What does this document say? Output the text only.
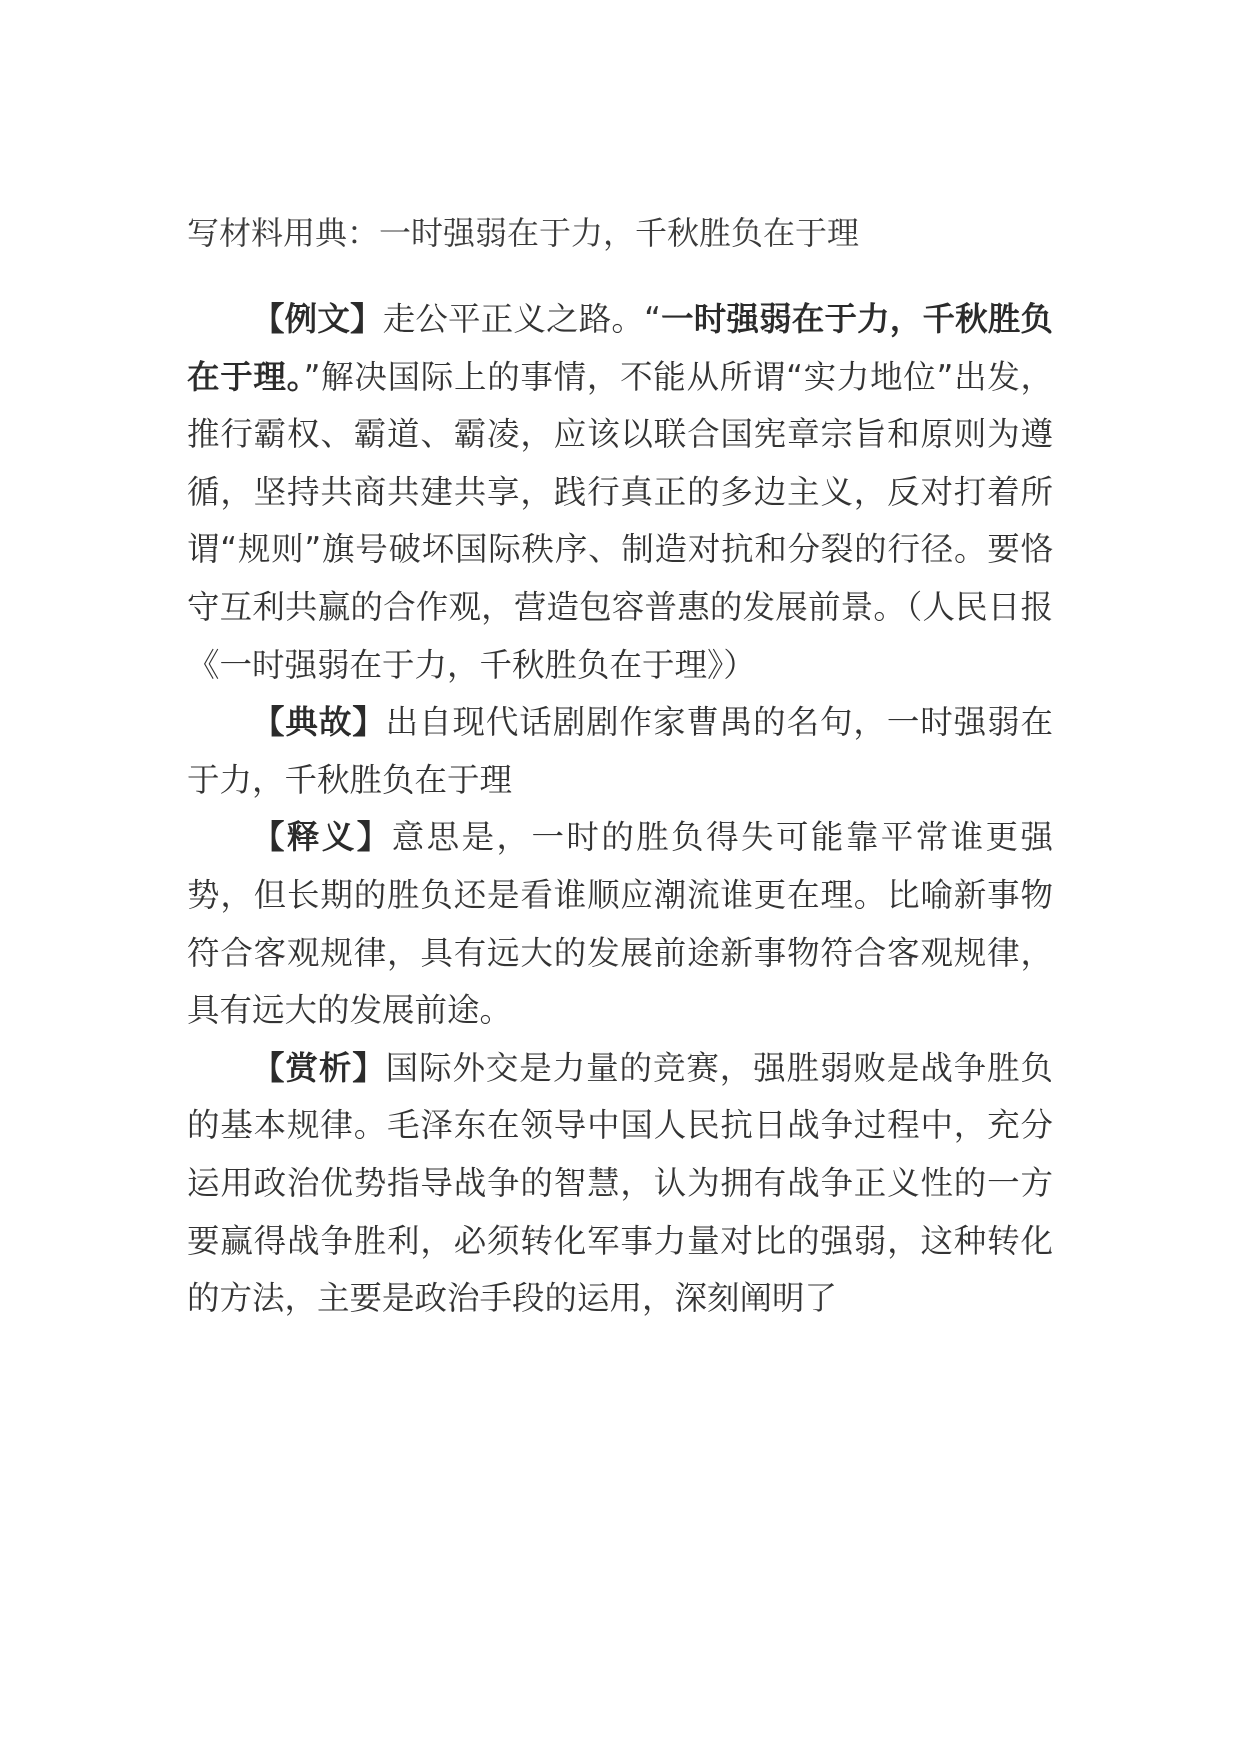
写材料用典：一时强弱在于力，千秋胜负在于理

【例文】走公平正义之路。“一时强弱在于力，千秋胜负在于理。”解决国际上的事情，不能从所谓“实力地位”出发，推行霸权、霸道、霸凌，应该以联合国宪章宗旨和原则为遵循，坚持共商共建共享，践行真正的多边主义，反对打着所谓“规则”旗号破坏国际秩序、制造对抗和分裂的行径。要恪守互利共赢的合作观，营造包容普惠的发展前景。（人民日报《一时强弱在于力，千秋胜负在于理》）

【典故】出自现代话剧剧作家曹禺的名句，一时强弱在于力，千秋胜负在于理

【释义】意思是，一时的胜负得失可能靠平常谁更强势，但长期的胜负还是看谁顺应潮流谁更在理。比喻新事物符合客观规律，具有远大的发展前途新事物符合客观规律，具有远大的发展前途。

【赏析】国际外交是力量的竞赛，强胜弱败是战争胜负的基本规律。毛泽东在领导中国人民抗日战争过程中，充分运用政治优势指导战争的智慧，认为拥有战争正义性的一方要赢得战争胜利，必须转化军事力量对比的强弱，这种转化的方法，主要是政治手段的运用，深刻阐明了
